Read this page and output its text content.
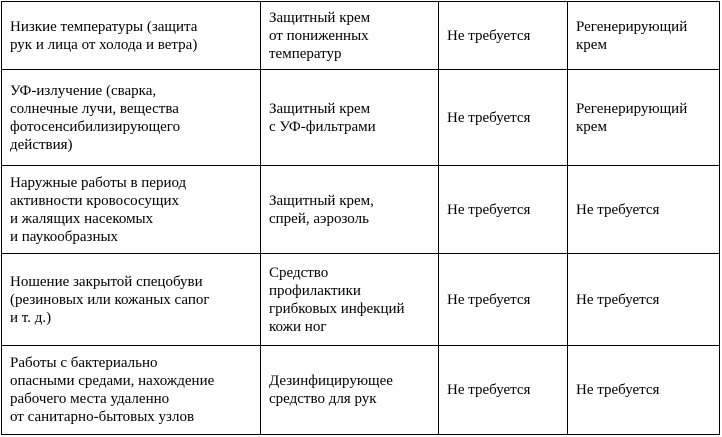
Низкие температуры (защита
рук и лица от холода и ветра)	Защитный крем
от пониженных
температур	Не требуется	Регенерирующий
крем

УФ-излучение (сварка,
солнечные лучи, вещества
фотосенсибилизирующего
действия)	Защитный крем
с УФ-фильтрами	Не требуется	Регенерирующий
крем

Наружные работы в период
активности кровососущих
и жалящих насекомых
и паукообразных	Защитный крем,
спрей, аэрозоль	Не требуется	Не требуется

Ношение закрытой спецобуви
(резиновых или кожаных сапог
и т. д.)	Средство
профилактики
грибковых инфекций
кожи ног	Не требуется	Не требуется

Работы с бактериально
опасными средами, нахождение
рабочего места удаленно
от санитарно-бытовых узлов	Дезинфицирующее
средство для рук	Не требуется	Не требуется
